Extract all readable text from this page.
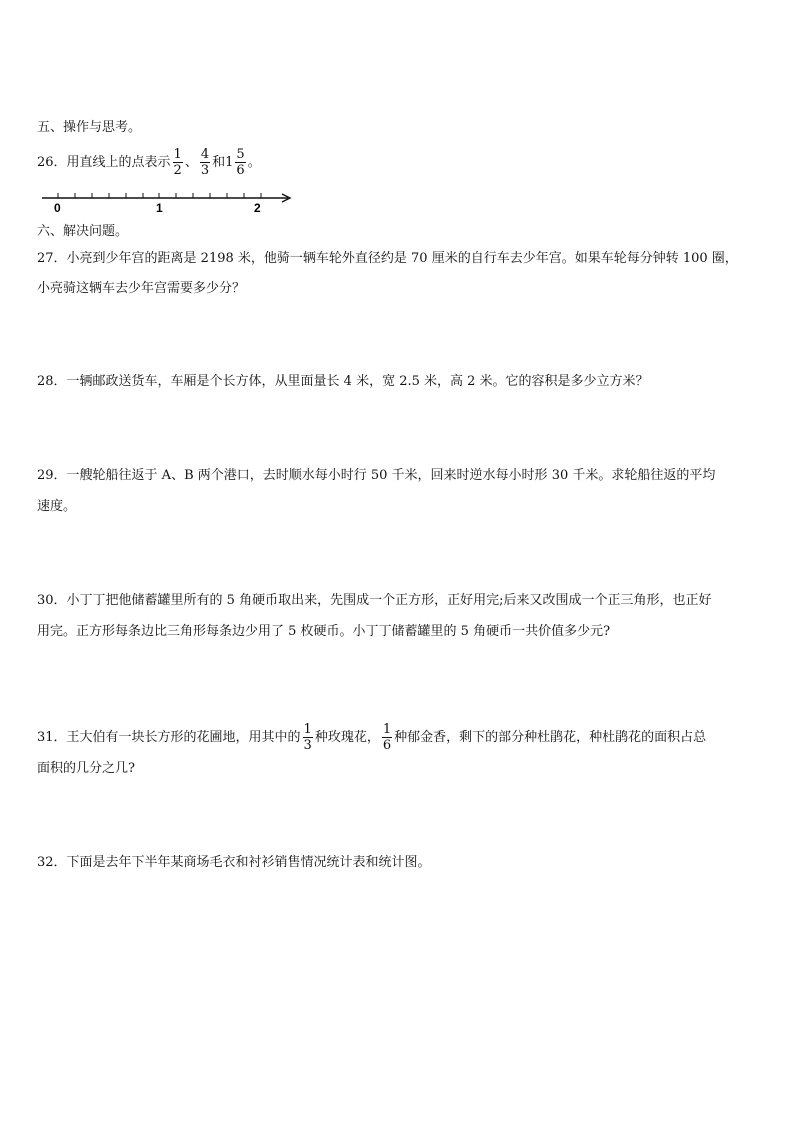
五、操作与思考。
26．用直线上的点表示 $\frac{1}{2}$ 、 $\frac{4}{3}$ 和$1 \frac{5}{6}$ 。
0	1	2
六、解决问题。
27．小亮到少年宫的距离是 2198 米，他骑一辆车轮外直径约是 70 厘米的自行车去少年宫。如果车轮每分钟转 100 圈，
小亮骑这辆车去少年宫需要多少分？
28．一辆邮政送货车，车厢是个长方体，从里面量长 4 米，宽 2.5 米，高 2 米。它的容积是多少立方米？
29．一艘轮船往返于 A、B 两个港口，去时顺水每小时行 50 千米，回来时逆水每小时形 30 千米。求轮船往返的平均
速度。
30．小丁丁把他储蓄罐里所有的 5 角硬币取出来，先围成一个正方形，正好用完;后来又改围成一个正三角形，也正好
用完。正方形每条边比三角形每条边少用了 5 枚硬币。小丁丁储蓄罐里的 5 角硬币一共价值多少元?
31．王大伯有一块长方形的花圃地，用其中的 $\frac{1}{3}$ 种玫瑰花， $\frac{1}{6}$ 种郁金香，剩下的部分种杜鹃花，种杜鹃花的面积占总
面积的几分之几?
32．下面是去年下半年某商场毛衣和衬衫销售情况统计表和统计图。
